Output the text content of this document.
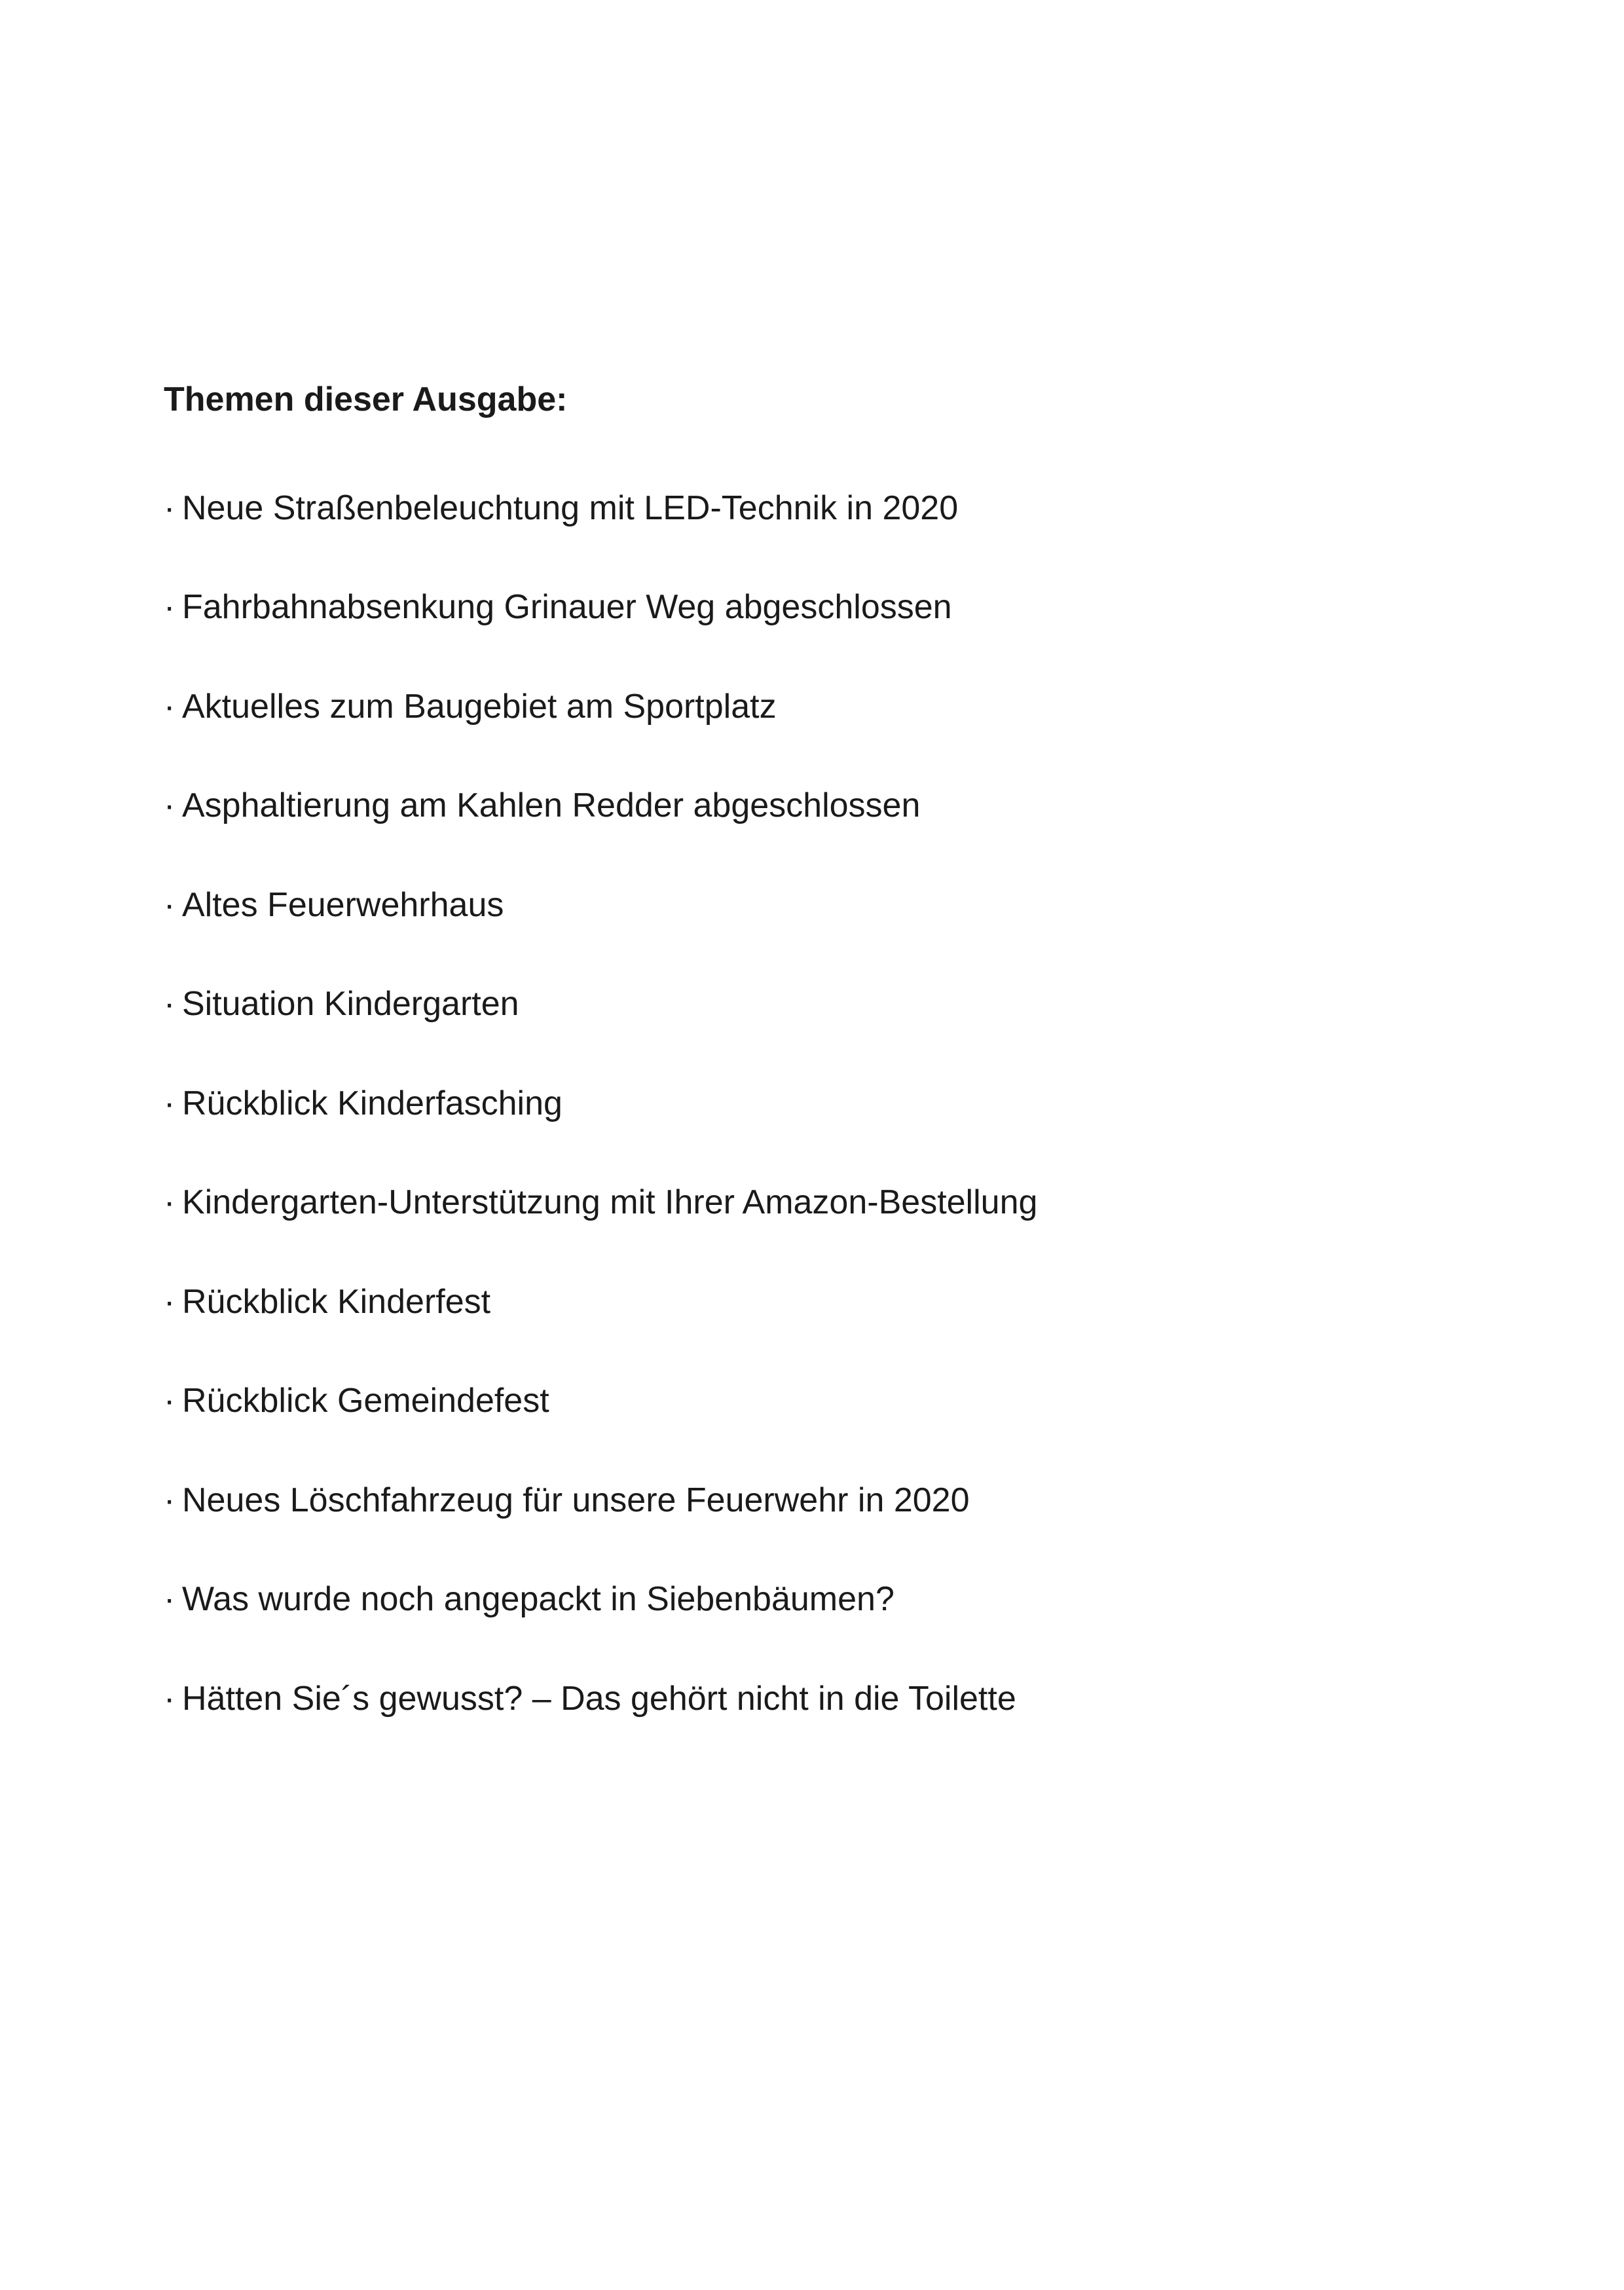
Themen dieser Ausgabe:
· Neue Straßenbeleuchtung mit LED-Technik in 2020
· Fahrbahnabsenkung Grinauer Weg abgeschlossen
· Aktuelles zum Baugebiet am Sportplatz
· Asphaltierung am Kahlen Redder abgeschlossen
· Altes Feuerwehrhaus
· Situation Kindergarten
· Rückblick Kinderfasching
· Kindergarten-Unterstützung mit Ihrer Amazon-Bestellung
· Rückblick Kinderfest
· Rückblick Gemeindefest
· Neues Löschfahrzeug für unsere Feuerwehr in 2020
· Was wurde noch angepackt in Siebenbäumen?
· Hätten Sie´s gewusst? – Das gehört nicht in die Toilette
